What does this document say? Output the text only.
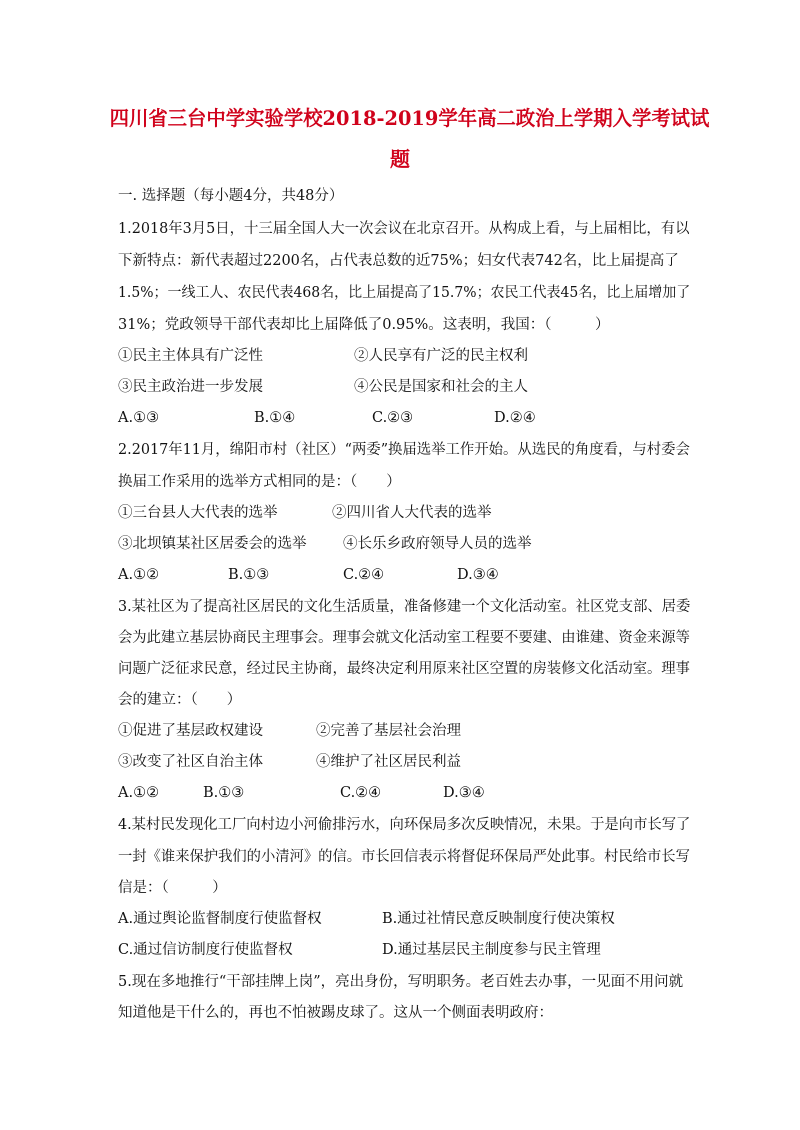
四川省三台中学实验学校2018-2019学年高二政治上学期入学考试试
题
一. 选择题（每小题4分，共48分）
1.2018年3月5日，十三届全国人大一次会议在北京召开。从构成上看，与上届相比，有以
下新特点：新代表超过2200名，占代表总数的近75%；妇女代表742名，比上届提高了
1.5%；一线工人、农民代表468名，比上届提高了15.7%；农民工代表45名，比上届增加了
31%；党政领导干部代表却比上届降低了0.95%。这表明，我国：（　　　）
①民主主体具有广泛性	②人民享有广泛的民主权利
③民主政治进一步发展	④公民是国家和社会的主人
A.①③	B.①④	C.②③	D.②④
2.2017年11月，绵阳市村（社区）“两委”换届选举工作开始。从选民的角度看，与村委会
换届工作采用的选举方式相同的是：（　　）
①三台县人大代表的选举	②四川省人大代表的选举
③北坝镇某社区居委会的选举	④长乐乡政府领导人员的选举
A.①②	B.①③	C.②④	D.③④
3.某社区为了提高社区居民的文化生活质量，准备修建一个文化活动室。社区党支部、居委
会为此建立基层协商民主理事会。理事会就文化活动室工程要不要建、由谁建、资金来源等
问题广泛征求民意，经过民主协商，最终决定利用原来社区空置的房装修文化活动室。理事
会的建立：（　　）
①促进了基层政权建设	②完善了基层社会治理
③改变了社区自治主体	④维护了社区居民利益
A.①②	B.①③	C.②④	D.③④
4.某村民发现化工厂向村边小河偷排污水，向环保局多次反映情况，未果。于是向市长写了
一封《谁来保护我们的小清河》的信。市长回信表示将督促环保局严处此事。村民给市长写
信是：（　　　）
A.通过舆论监督制度行使监督权	B.通过社情民意反映制度行使决策权
C.通过信访制度行使监督权	D.通过基层民主制度参与民主管理
5.现在多地推行“干部挂牌上岗”，亮出身份，写明职务。老百姓去办事，一见面不用问就
知道他是干什么的，再也不怕被踢皮球了。这从一个侧面表明政府：
